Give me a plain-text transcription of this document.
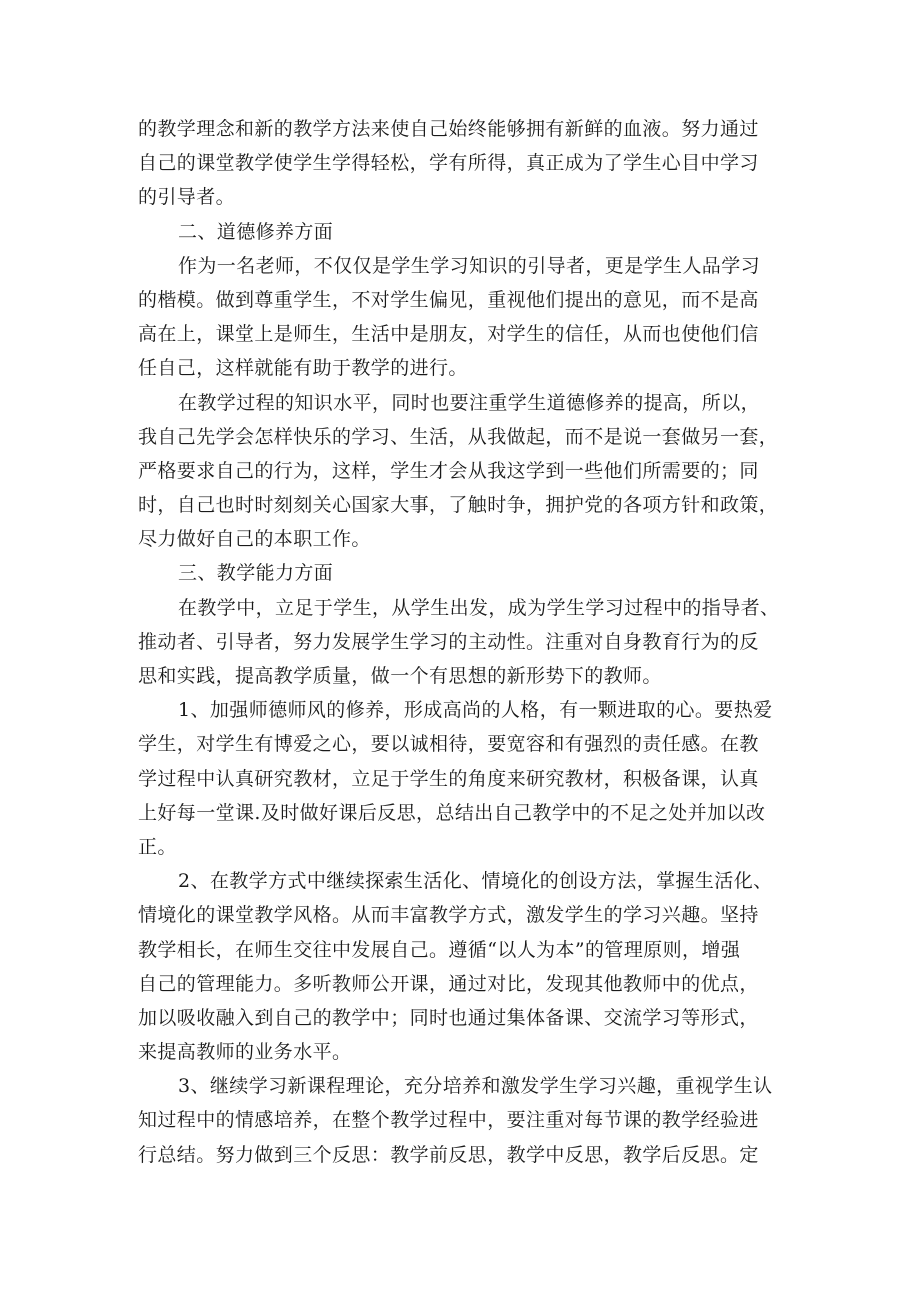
的教学理念和新的教学方法来使自己始终能够拥有新鲜的血液。努力通过
自己的课堂教学使学生学得轻松，学有所得，真正成为了学生心目中学习
的引导者。
二、道德修养方面
作为一名老师，不仅仅是学生学习知识的引导者，更是学生人品学习
的楷模。做到尊重学生，不对学生偏见，重视他们提出的意见，而不是高
高在上，课堂上是师生，生活中是朋友，对学生的信任，从而也使他们信
任自己，这样就能有助于教学的进行。
在教学过程的知识水平，同时也要注重学生道德修养的提高，所以，
我自己先学会怎样快乐的学习、生活，从我做起，而不是说一套做另一套，
严格要求自己的行为，这样，学生才会从我这学到一些他们所需要的；同
时，自己也时时刻刻关心国家大事，了触时争，拥护党的各项方针和政策，
尽力做好自己的本职工作。
三、教学能力方面
在教学中，立足于学生，从学生出发，成为学生学习过程中的指导者、
推动者、引导者，努力发展学生学习的主动性。注重对自身教育行为的反
思和实践，提高教学质量，做一个有思想的新形势下的教师。
1、加强师德师风的修养，形成高尚的人格，有一颗进取的心。要热爱
学生，对学生有博爱之心，要以诚相待，要宽容和有强烈的责任感。在教
学过程中认真研究教材，立足于学生的角度来研究教材，积极备课，认真
上好每一堂课.及时做好课后反思，总结出自己教学中的不足之处并加以改
正。
2、在教学方式中继续探索生活化、情境化的创设方法，掌握生活化、
情境化的课堂教学风格。从而丰富教学方式，激发学生的学习兴趣。坚持
教学相长，在师生交往中发展自己。遵循“以人为本”的管理原则，增强
自己的管理能力。多听教师公开课，通过对比，发现其他教师中的优点，
加以吸收融入到自己的教学中；同时也通过集体备课、交流学习等形式，
来提高教师的业务水平。
3、继续学习新课程理论，充分培养和激发学生学习兴趣，重视学生认
知过程中的情感培养，在整个教学过程中，要注重对每节课的教学经验进
行总结。努力做到三个反思：教学前反思，教学中反思，教学后反思。定
